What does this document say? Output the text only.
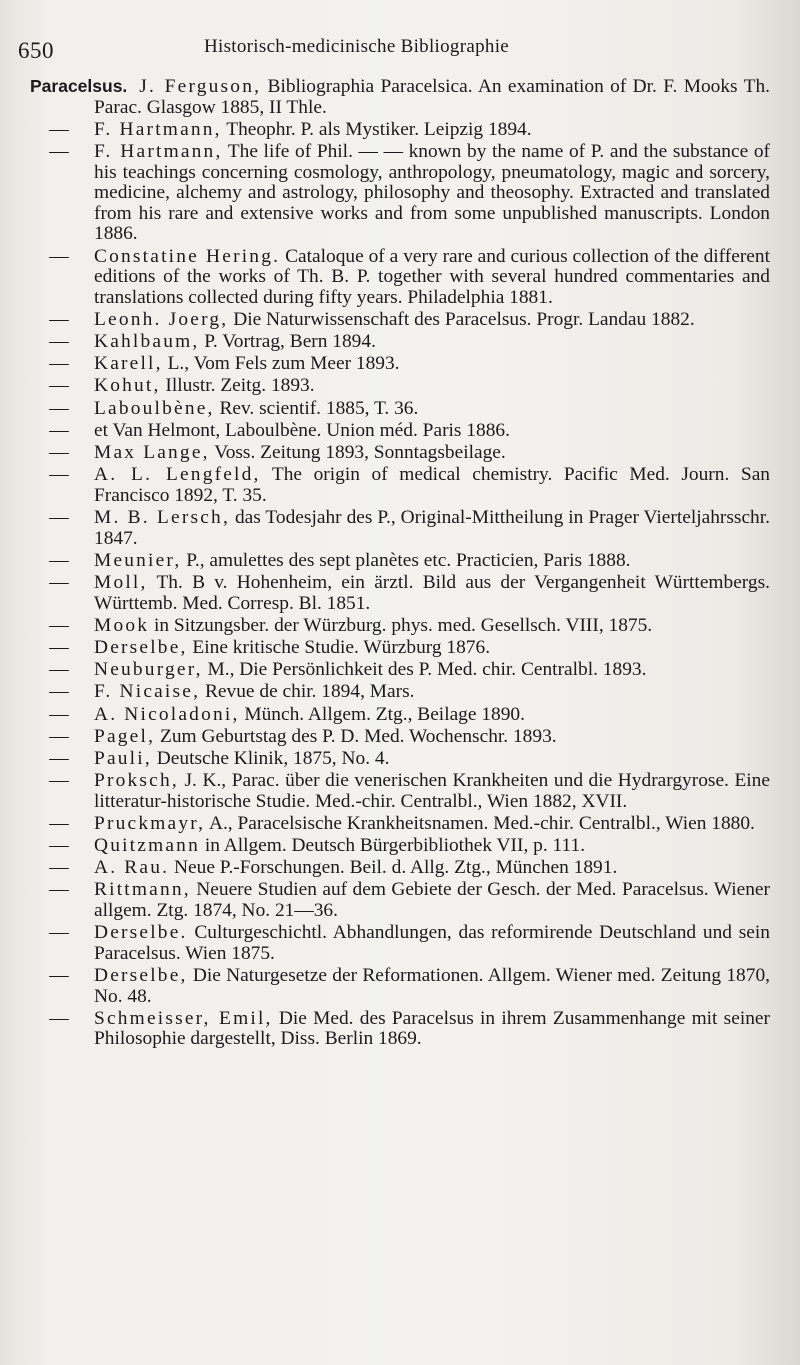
650	Historisch-medicinische Bibliographie
Paracelsus. J. Ferguson, Bibliographia Paracelsica. An examination of Dr. F. Mooks Th. Parac. Glasgow 1885, II Thle.
— F. Hartmann, Theophr. P. als Mystiker. Leipzig 1894.
— F. Hartmann, The life of Phil. — — known by the name of P. and the substance of his teachings concerning cosmology, anthropology, pneumatology, magic and sorcery, medicine, alchemy and astrology, philosophy and theosophy. Extracted and translated from his rare and extensive works and from some unpublished manuscripts. London 1886.
— Constatine Hering. Cataloque of a very rare and curious collection of the different editions of the works of Th. B. P. together with several hundred commentaries and translations collected during fifty years. Philadelphia 1881.
— Leonh. Joerg, Die Naturwissenschaft des Paracelsus. Progr. Landau 1882.
— Kahlbaum, P. Vortrag, Bern 1894.
— Karell, L., Vom Fels zum Meer 1893.
— Kohut, Illustr. Zeitg. 1893.
— Laboulbène, Rev. scientif. 1885, T. 36.
— et Van Helmont, Laboulbène. Union méd. Paris 1886.
— Max Lange, Voss. Zeitung 1893, Sonntagsbeilage.
— A. L. Lengfeld, The origin of medical chemistry. Pacific Med. Journ. San Francisco 1892, T. 35.
— M. B. Lersch, das Todesjahr des P., Original-Mittheilung in Prager Vierteljahrsschr. 1847.
— Meunier, P., amulettes des sept planètes etc. Practicien, Paris 1888.
— Moll, Th. B v. Hohenheim, ein ärztl. Bild aus der Vergangenheit Württembergs. Württemb. Med. Corresp. Bl. 1851.
— Mook in Sitzungsber. der Würzburg. phys. med. Gesellsch. VIII, 1875.
— Derselbe, Eine kritische Studie. Würzburg 1876.
— Neuburger, M., Die Persönlichkeit des P. Med. chir. Centralbl. 1893.
— F. Nicaise, Revue de chir. 1894, Mars.
— A. Nicoladoni, Münch. Allgem. Ztg., Beilage 1890.
— Pagel, Zum Geburtstag des P. D. Med. Wochenschr. 1893.
— Pauli, Deutsche Klinik, 1875, No. 4.
— Proksch, J. K., Parac. über die venerischen Krankheiten und die Hydrargyrose. Eine litteratur-historische Studie. Med.-chir. Centralbl., Wien 1882, XVII.
— Pruckmayr, A., Paracelsische Krankheitsnamen. Med.-chir. Centralbl., Wien 1880.
— Quitzmann in Allgem. Deutsch Bürgerbibliothek VII, p. 111.
— A. Rau. Neue P.-Forschungen. Beil. d. Allg. Ztg., München 1891.
— Rittmann, Neuere Studien auf dem Gebiete der Gesch. der Med. Paracelsus. Wiener allgem. Ztg. 1874, No. 21—36.
— Derselbe. Culturgeschichtl. Abhandlungen, das reformirende Deutschland und sein Paracelsus. Wien 1875.
— Derselbe, Die Naturgesetze der Reformationen. Allgem. Wiener med. Zeitung 1870, No. 48.
— Schmeisser, Emil, Die Med. des Paracelsus in ihrem Zusammenhange mit seiner Philosophie dargestellt, Diss. Berlin 1869.
